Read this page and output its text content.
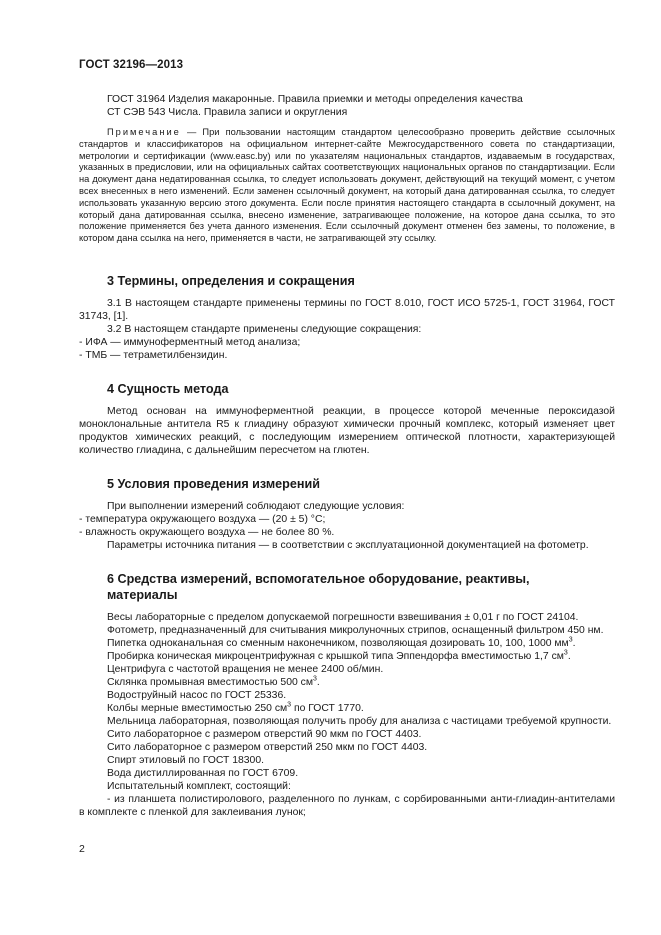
ГОСТ 32196—2013

ГОСТ 31964 Изделия макаронные. Правила приемки и методы определения качества

СТ СЭВ 543 Числа. Правила записи и округления

Примечание — При пользовании настоящим стандартом целесообразно проверить действие ссылочных стандартов и классификаторов на официальном интернет-сайте Межгосударственного совета по стандартизации, метрологии и сертификации (www.easc.by) или по указателям национальных стандартов, издаваемым в государствах, указанных в предисловии, или на официальных сайтах соответствующих национальных органов по стандартизации. Если на документ дана недатированная ссылка, то следует использовать документ, действующий на текущий момент, с учетом всех внесенных в него изменений. Если заменен ссылочный документ, на который дана датированная ссылка, то следует использовать указанную версию этого документа. Если после принятия настоящего стандарта в ссылочный документ, на который дана датированная ссылка, внесено изменение, затрагивающее положение, на которое дана ссылка, то это положение применяется без учета данного изменения. Если ссылочный документ отменен без замены, то положение, в котором дана ссылка на него, применяется в части, не затрагивающей эту ссылку.

3 Термины, определения и сокращения

3.1 В настоящем стандарте применены термины по ГОСТ 8.010, ГОСТ ИСО 5725-1, ГОСТ 31964, ГОСТ 31743, [1].

3.2 В настоящем стандарте применены следующие сокращения:

- ИФА — иммуноферментный метод анализа;

- ТМБ — тетраметилбензидин.

4 Сущность метода

Метод основан на иммуноферментной реакции, в процессе которой меченные пероксидазой моноклональные антитела R5 к глиадину образуют химически прочный комплекс, который изменяет цвет продуктов химических реакций, с последующим измерением оптической плотности, характеризующей количество глиадина, с дальнейшим пересчетом на глютен.

5 Условия проведения измерений

При выполнении измерений соблюдают следующие условия:

- температура окружающего воздуха — (20 ± 5) °С;

- влажность окружающего воздуха — не более 80 %.

Параметры источника питания — в соответствии с эксплуатационной документацией на фотометр.

6 Средства измерений, вспомогательное оборудование, реактивы,

материалы

Весы лабораторные с пределом допускаемой погрешности взвешивания ± 0,01 г по ГОСТ 24104.

Фотометр, предназначенный для считывания микролуночных стрипов, оснащенный фильтром 450 нм.

Пипетка одноканальная со сменным наконечником, позволяющая дозировать 10, 100, 1000 $мм^3$.

Пробирка коническая микроцентрифужная с крышкой типа Эппендорфа вместимостью 1,7 $см^3$.

Центрифуга с частотой вращения не менее 2400 об/мин.

Склянка промывная вместимостью 500 $см^3$.

Водоструйный насос по ГОСТ 25336.

Колбы мерные вместимостью 250 $см^3$ по ГОСТ 1770.

Мельница лабораторная, позволяющая получить пробу для анализа с частицами требуемой крупности.

Сито лабораторное с размером отверстий 90 мкм по ГОСТ 4403.

Сито лабораторное с размером отверстий 250 мкм по ГОСТ 4403.

Спирт этиловый по ГОСТ 18300.

Вода дистиллированная по ГОСТ 6709.

Испытательный комплект, состоящий:

- из планшета полистиролового, разделенного по лункам, с сорбированными анти-глиадин-антителами в комплекте с пленкой для заклеивания лунок;

2
